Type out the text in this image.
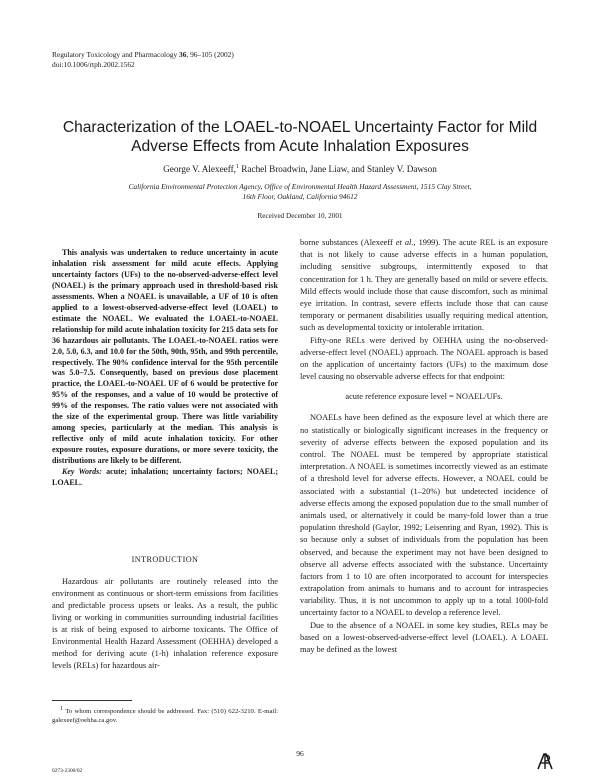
Regulatory Toxicology and Pharmacology 36, 96–105 (2002)
doi:10.1006/rtph.2002.1562
Characterization of the LOAEL-to-NOAEL Uncertainty Factor for Mild
Adverse Effects from Acute Inhalation Exposures
George V. Alexeeff,$^1$ Rachel Broadwin, Jane Liaw, and Stanley V. Dawson
California Environmental Protection Agency, Office of Environmental Health Hazard Assessment, 1515 Clay Street,
16th Floor, Oakland, California 94612
Received December 10, 2001

This analysis was undertaken to reduce uncertainty in acute inhalation risk assessment for mild acute effects. Applying uncertainty factors (UFs) to the no-observed-adverse-effect level (NOAEL) is the primary approach used in threshold-based risk assessments. When a NOAEL is unavailable, a UF of 10 is often applied to a lowest-observed-adverse-effect level (LOAEL) to estimate the NOAEL. We evaluated the LOAEL-to-NOAEL relationship for mild acute inhalation toxicity for 215 data sets for 36 hazardous air pollutants. The LOAEL-to-NOAEL ratios were 2.0, 5.0, 6.3, and 10.0 for the 50th, 90th, 95th, and 99th percentile, respectively. The 90% confidence interval for the 95th percentile was 5.0–7.5. Consequently, based on previous dose placement practice, the LOAEL-to-NOAEL UF of 6 would be protective for 95% of the responses, and a value of 10 would be protective of 99% of the responses. The ratio values were not associated with the size of the experimental group. There was little variability among species, particularly at the median. This analysis is reflective only of mild acute inhalation toxicity. For other exposure routes, exposure durations, or more severe toxicity, the distributions are likely to be different.

Key Words: acute; inhalation; uncertainty factors; NOAEL; LOAEL.

INTRODUCTION

Hazardous air pollutants are routinely released into the environment as continuous or short-term emissions from facilities and predictable process upsets or leaks. As a result, the public living or working in communities surrounding industrial facilities is at risk of being exposed to airborne toxicants. The Office of Environmental Health Hazard Assessment (OEHHA) developed a method for deriving acute (1-h) inhalation reference exposure levels (RELs) for hazardous air-

$^1$ To whom correspondence should be addressed. Fax: (510) 622-3210. E-mail: galexeef@oehha.ca.gov.

borne substances (Alexeeff et al., 1999). The acute REL is an exposure that is not likely to cause adverse effects in a human population, including sensitive subgroups, intermittently exposed to that concentration for 1 h. They are generally based on mild or severe effects. Mild effects would include those that cause discomfort, such as minimal eye irritation. In contrast, severe effects include those that can cause temporary or permanent disabilities usually requiring medical attention, such as developmental toxicity or intolerable irritation.

Fifty-one RELs were derived by OEHHA using the no-observed-adverse-effect level (NOAEL) approach. The NOAEL approach is based on the application of uncertainty factors (UFs) to the maximum dose level causing no observable adverse effects for that endpoint:

acute reference exposure level = NOAEL/UFs.

NOAELs have been defined as the exposure level at which there are no statistically or biologically significant increases in the frequency or severity of adverse effects between the exposed population and its control. The NOAEL must be tempered by appropriate statistical interpretation. A NOAEL is sometimes incorrectly viewed as an estimate of a threshold level for adverse effects. However, a NOAEL could be associated with a substantial (1–20%) but undetected incidence of adverse effects among the exposed population due to the small number of animals used, or alternatively it could be many-fold lower than a true population threshold (Gaylor, 1992; Leisenring and Ryan, 1992). This is so because only a subset of individuals from the population has been observed, and because the experiment may not have been designed to observe all adverse effects associated with the substance. Uncertainty factors from 1 to 10 are often incorporated to account for interspecies extrapolation from animals to humans and to account for intraspecies variability. Thus, it is not uncommon to apply up to a total 1000-fold uncertainty factor to a NOAEL to develop a reference level.

Due to the absence of a NOAEL in some key studies, RELs may be based on a lowest-observed-adverse-effect level (LOAEL). A LOAEL may be defined as the lowest

96
0273-2300/02
